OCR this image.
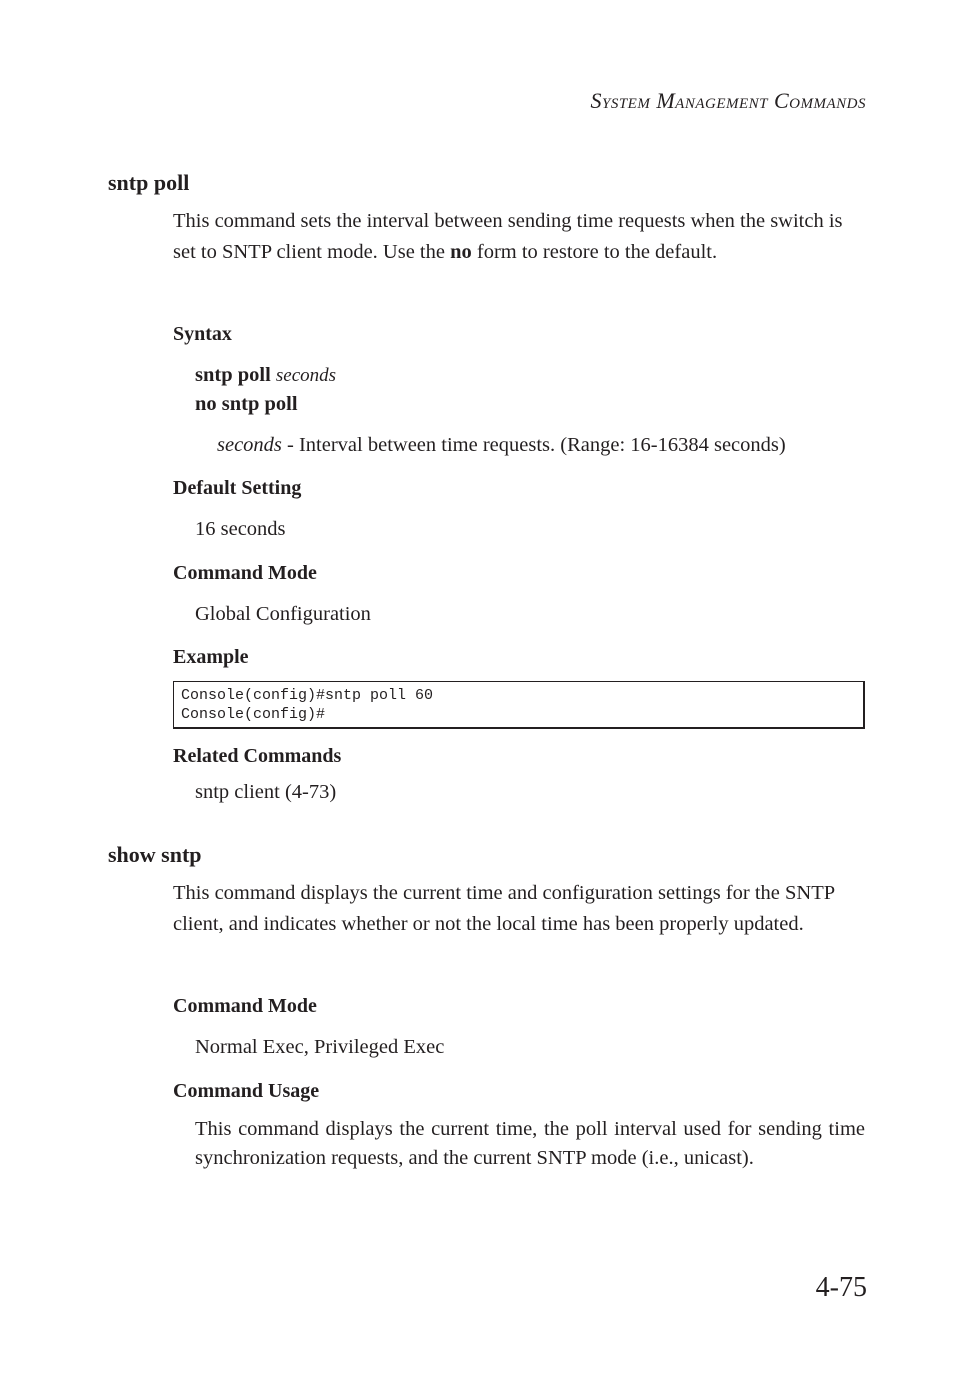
System Management Commands
sntp poll
This command sets the interval between sending time requests when the switch is set to SNTP client mode. Use the no form to restore to the default.
Syntax
sntp poll seconds
no sntp poll
seconds - Interval between time requests. (Range: 16-16384 seconds)
Default Setting
16 seconds
Command Mode
Global Configuration
Example
Console(config)#sntp poll 60
Console(config)#
Related Commands
sntp client (4-73)
show sntp
This command displays the current time and configuration settings for the SNTP client, and indicates whether or not the local time has been properly updated.
Command Mode
Normal Exec, Privileged Exec
Command Usage
This command displays the current time, the poll interval used for sending time synchronization requests, and the current SNTP mode (i.e., unicast).
4-75
